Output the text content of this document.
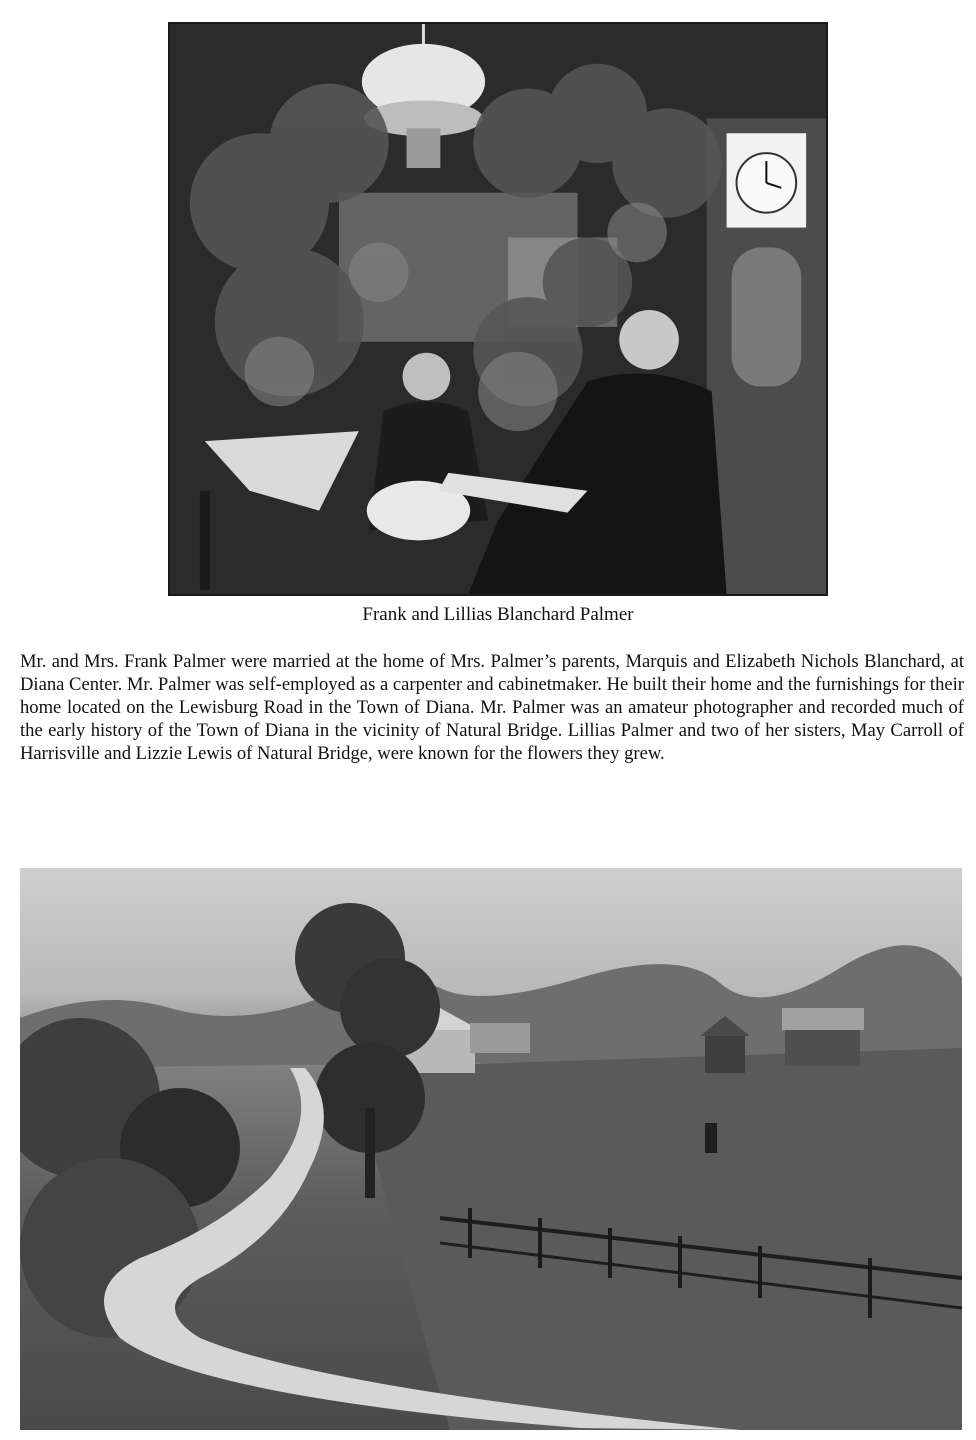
Frank and Lillias Blanchard Palmer

Mr. and Mrs. Frank Palmer were married at the home of Mrs. Palmer’s parents, Marquis and Elizabeth Nichols Blanchard, at Diana Center. Mr. Palmer was self-employed as a carpenter and cabinetmaker. He built their home and the furnishings for their home located on the Lewisburg Road in the Town of Diana. Mr. Palmer was an amateur photographer and recorded much of the early history of the Town of Diana in the vicinity of Natural Bridge. Lillias Palmer and two of her sisters, May Carroll of Harrisville and Lizzie Lewis of Natural Bridge, were known for the flowers they grew.
